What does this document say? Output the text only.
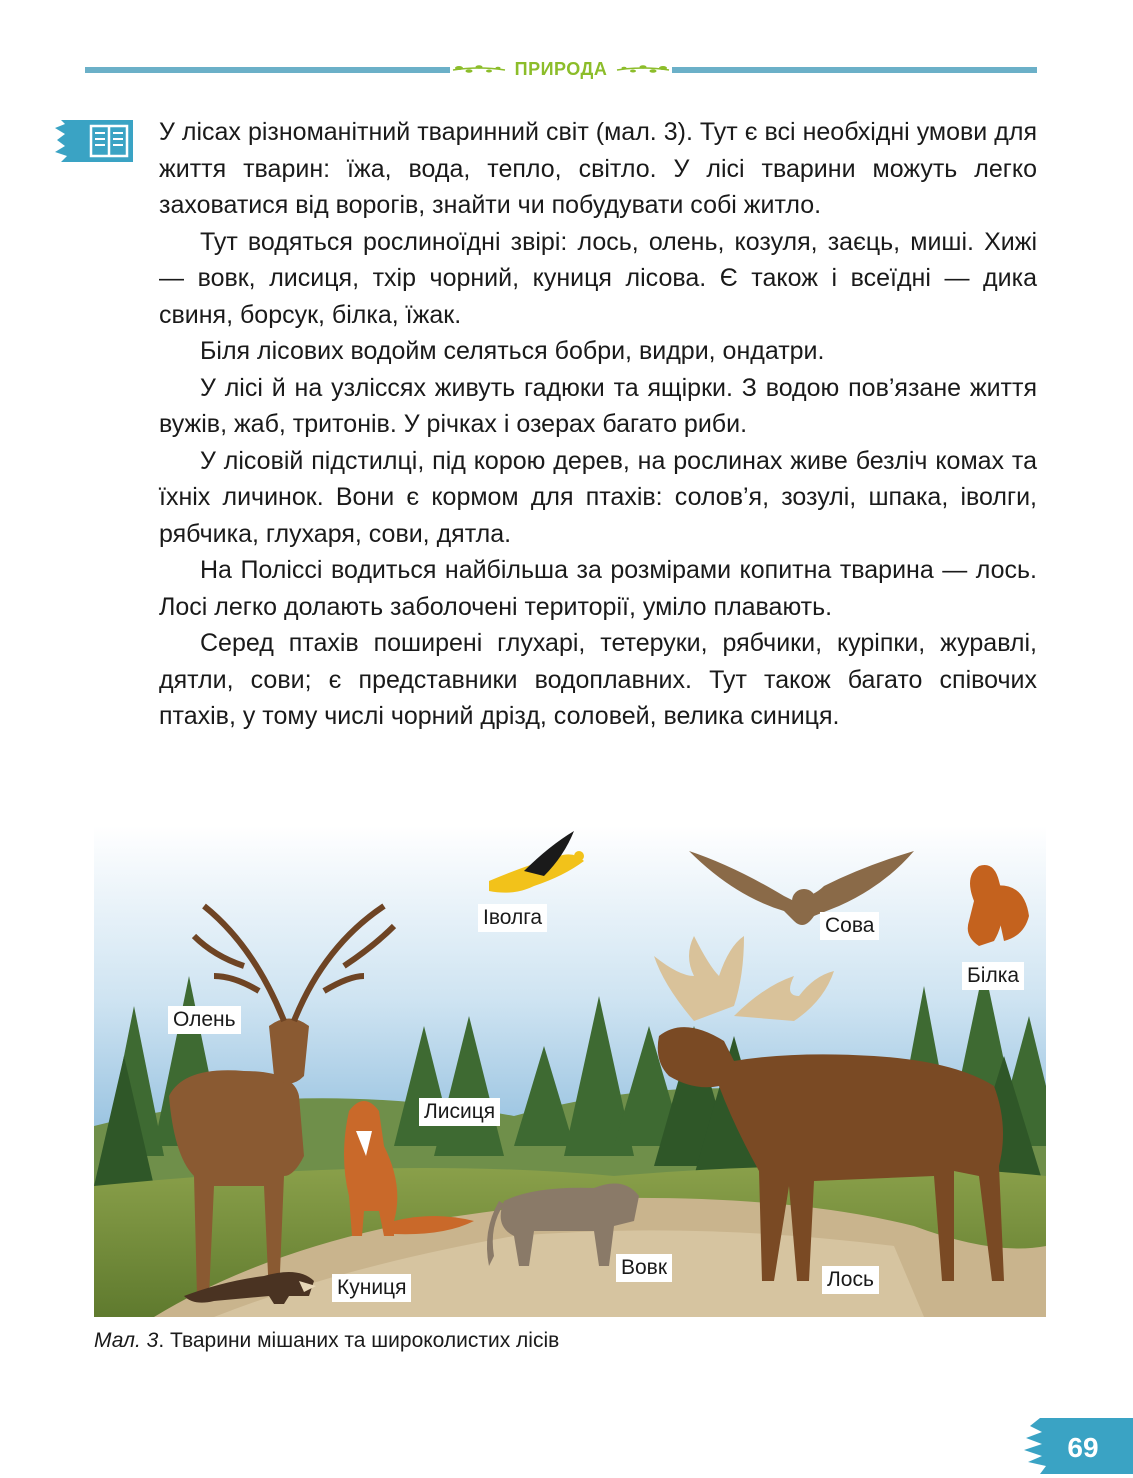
ПРИРОДА

У лісах різноманітний тваринний світ (мал. 3). Тут є всі необхідні умови для життя тварин: їжа, вода, тепло, світло. У лісі тварини можуть легко заховатися від ворогів, знайти чи побудувати собі житло.

Тут водяться рослиноїдні звірі: лось, олень, козуля, заєць, миші. Хижі — вовк, лисиця, тхір чорний, куниця лісова. Є також і всеїдні — дика свиня, борсук, білка, їжак.

Біля лісових водойм селяться бобри, видри, ондатри.

У лісі й на узліссях живуть гадюки та ящірки. З водою пов’язане життя вужів, жаб, тритонів. У річках і озерах багато риби.

У лісовій підстилці, під корою дерев, на рослинах живе безліч комах та їхніх личинок. Вони є кормом для птахів: солов’я, зозулі, шпака, іволги, рябчика, глухаря, сови, дятла.

На Поліссі водиться найбільша за розмірами копитна тварина — лось. Лосі легко долають заболочені території, уміло плавають.

Серед птахів поширені глухарі, тетеруки, рябчики, куріпки, журавлі, дятли, сови; є представники водоплавних. Тут також багато співочих птахів, у тому числі чорний дрізд, соловей, велика синиця.

Іволга	Сова
Білка
Олень
Лисиця
Вовк
Лось
Куниця
Мал. 3. Тварини мішаних та широколистих лісів
69
